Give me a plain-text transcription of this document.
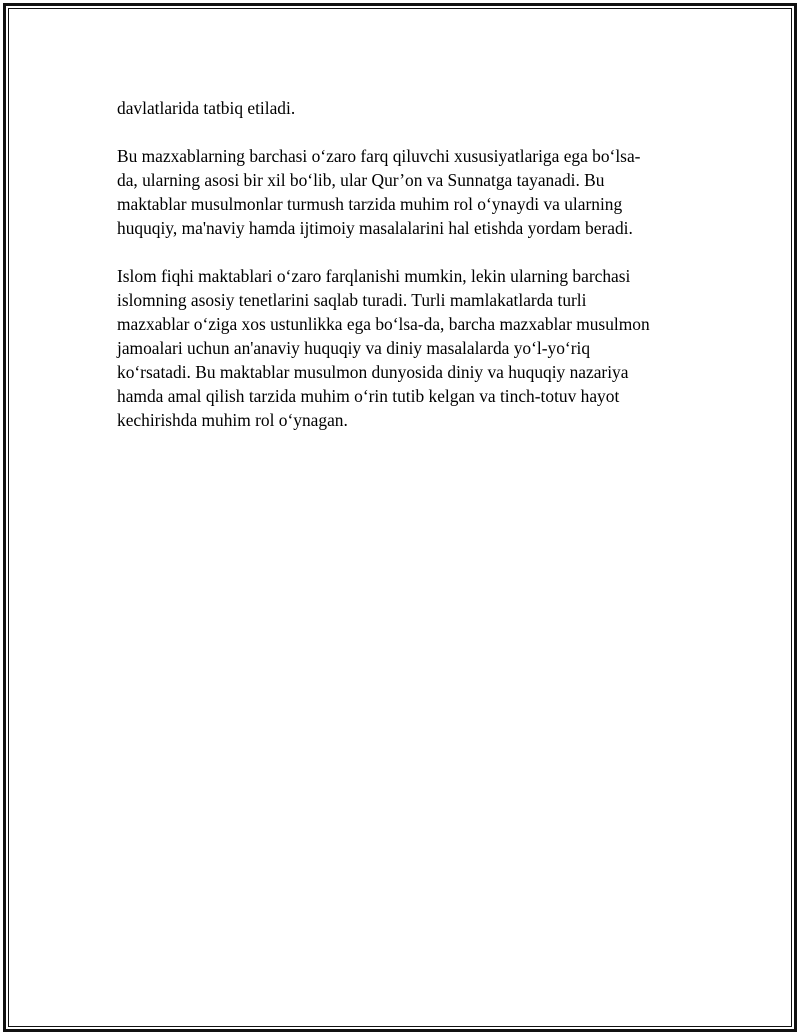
davlatlarida tatbiq etiladi.

Bu mazxablarning barchasi o‘zaro farq qiluvchi xususiyatlariga ega bo‘lsa-
da, ularning asosi bir xil bo‘lib, ular Qur’on va Sunnatga tayanadi. Bu
maktablar musulmonlar turmush tarzida muhim rol o‘ynaydi va ularning
huquqiy, ma'naviy hamda ijtimoiy masalalarini hal etishda yordam beradi.

Islom fiqhi maktablari o‘zaro farqlanishi mumkin, lekin ularning barchasi
islomning asosiy tenetlarini saqlab turadi. Turli mamlakatlarda turli
mazxablar o‘ziga xos ustunlikka ega bo‘lsa-da, barcha mazxablar musulmon
jamoalari uchun an'anaviy huquqiy va diniy masalalarda yo‘l-yo‘riq
ko‘rsatadi. Bu maktablar musulmon dunyosida diniy va huquqiy nazariya
hamda amal qilish tarzida muhim o‘rin tutib kelgan va tinch-totuv hayot
kechirishda muhim rol o‘ynagan.
